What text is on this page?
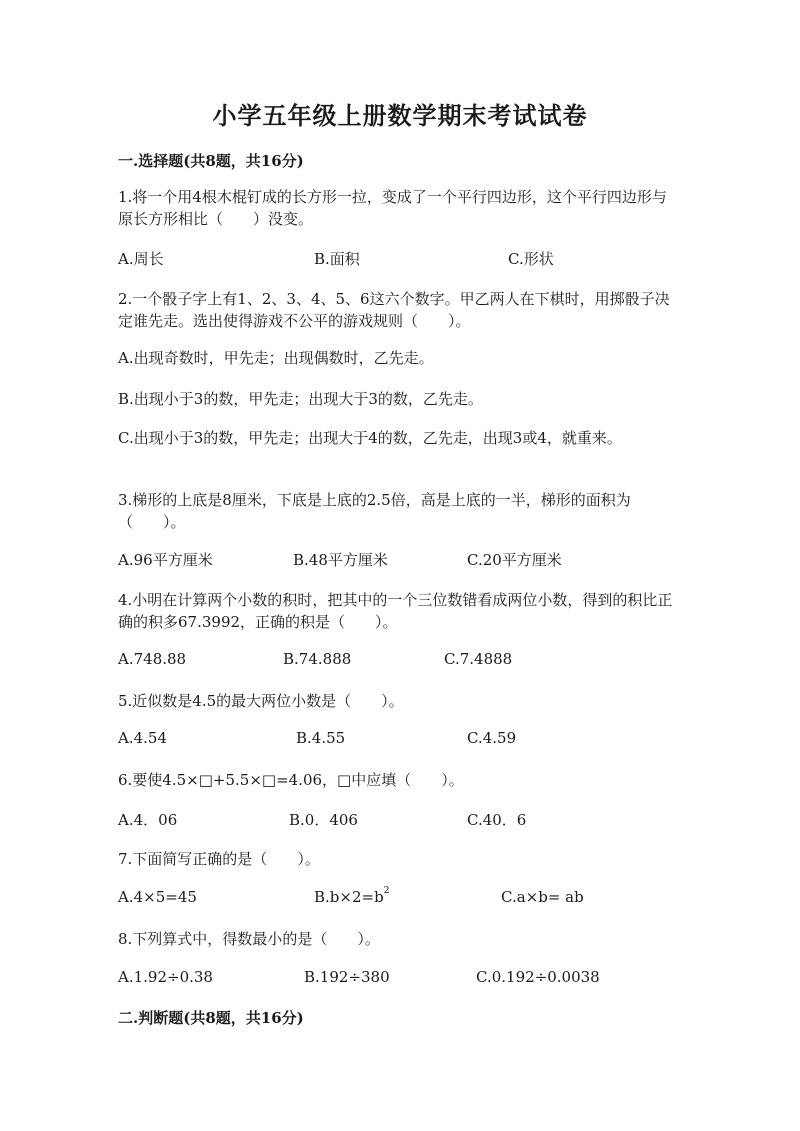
小学五年级上册数学期末考试试卷
一.选择题(共8题，共16分)
1.将一个用4根木棍钉成的长方形一拉，变成了一个平行四边形，这个平行四边形与原长方形相比（　　）没变。
A.周长	B.面积	C.形状
2.一个骰子字上有1、2、3、4、5、6这六个数字。甲乙两人在下棋时，用掷骰子决定谁先走。选出使得游戏不公平的游戏规则（　　）。
A.出现奇数时，甲先走；出现偶数时，乙先走。
B.出现小于3的数，甲先走；出现大于3的数，乙先走。
C.出现小于3的数，甲先走；出现大于4的数，乙先走，出现3或4，就重来。
3.梯形的上底是8厘米，下底是上底的2.5倍，高是上底的一半，梯形的面积为（　　）。
A.96平方厘米	B.48平方厘米	C.20平方厘米
4.小明在计算两个小数的积时，把其中的一个三位数错看成两位小数，得到的积比正确的积多67.3992，正确的积是（　　）。
A.748.88	B.74.888	C.7.4888
5.近似数是4.5的最大两位小数是（　　）。
A.4.54	B.4.55	C.4.59
6.要使4.5×□+5.5×□=4.06，□中应填（　　）。
A.4．06	B.0．406	C.40．6
7.下面简写正确的是（　　）。
A.4×5=45	$B.b\times 2=b^2$	C.a×b= ab
8.下列算式中，得数最小的是（　　）。
A.1.92÷0.38	B.192÷380	C.0.192÷0.0038
二.判断题(共8题，共16分)
